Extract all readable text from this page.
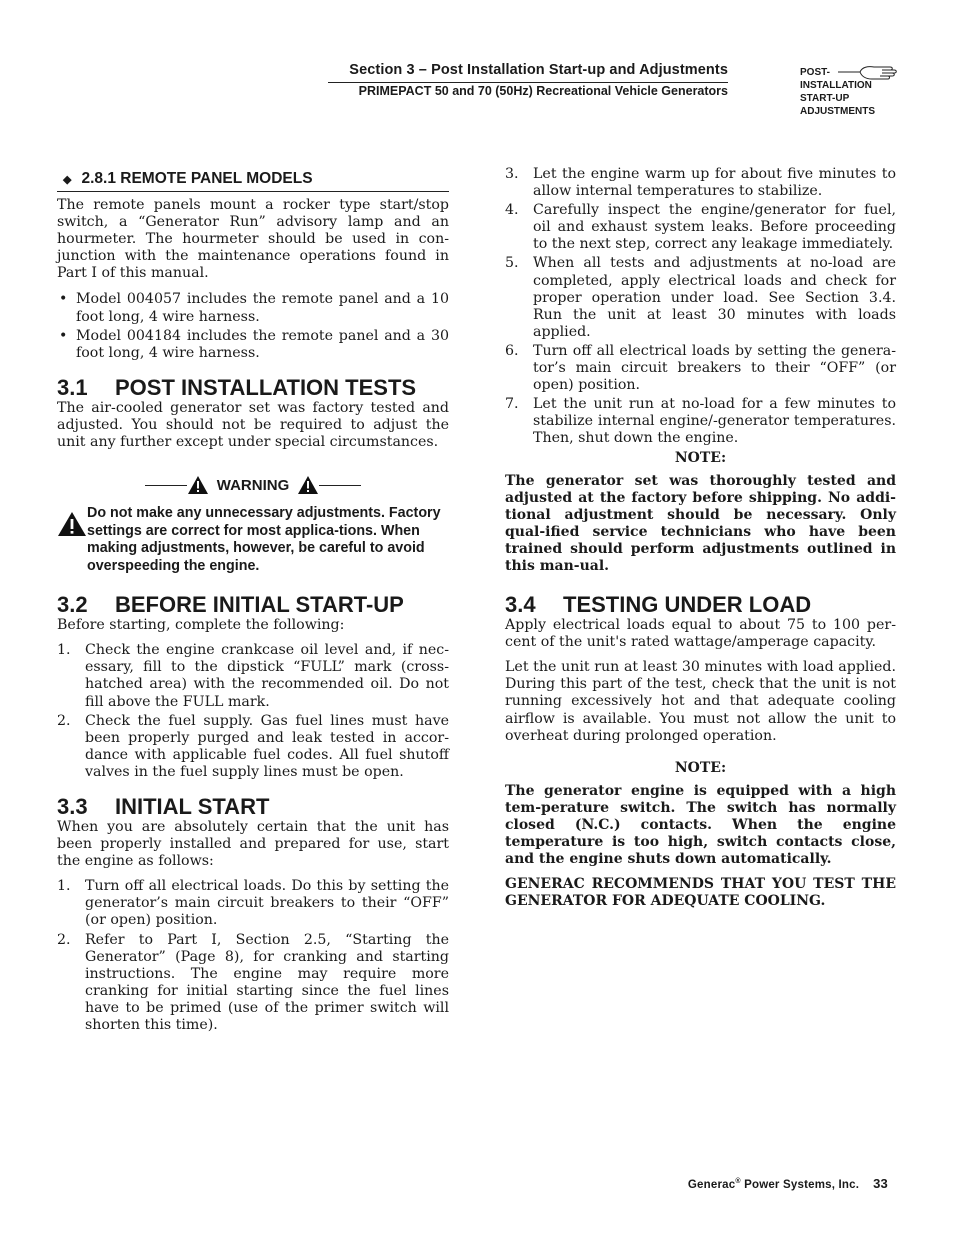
Section 3 – Post Installation Start-up and Adjustments
PRIMEPACT 50 and 70 (50Hz) Recreational Vehicle Generators
POST-
INSTALLATION
START-UP
ADJUSTMENTS
◆ 2.8.1 REMOTE PANEL MODELS

The remote panels mount a rocker type start/stop switch, a “Generator Run” advisory lamp and an hourmeter. The hourmeter should be used in con-junction with the maintenance operations found in Part I of this manual.

• Model 004057 includes the remote panel and a 10 foot long, 4 wire harness.
• Model 004184 includes the remote panel and a 30 foot long, 4 wire harness.
3.1	POST INSTALLATION TESTS

The air-cooled generator set was factory tested and adjusted. You should not be required to adjust the unit any further except under special circumstances.

WARNING
Do not make any unnecessary adjustments. Factory settings are correct for most applica-tions. When making adjustments, however, be careful to avoid overspeeding the engine.
3.2	BEFORE INITIAL START-UP

Before starting, complete the following:

1. Check the engine crankcase oil level and, if nec-essary, fill to the dipstick “FULL” mark (cross-hatched area) with the recommended oil. Do not fill above the FULL mark.
2. Check the fuel supply. Gas fuel lines must have been properly purged and leak tested in accor-dance with applicable fuel codes. All fuel shutoff valves in the fuel supply lines must be open.
3.3	INITIAL START

When you are absolutely certain that the unit has been properly installed and prepared for use, start the engine as follows:

1. Turn off all electrical loads. Do this by setting the generator’s main circuit breakers to their “OFF” (or open) position.
2. Refer to Part I, Section 2.5, “Starting the Generator” (Page 8), for cranking and starting instructions. The engine may require more cranking for initial starting since the fuel lines have to be primed (use of the primer switch will shorten this time).
3. Let the engine warm up for about five minutes to allow internal temperatures to stabilize.
4. Carefully inspect the engine/generator for fuel, oil and exhaust system leaks. Before proceeding to the next step, correct any leakage immediately.
5. When all tests and adjustments at no-load are completed, apply electrical loads and check for proper operation under load. See Section 3.4. Run the unit at least 30 minutes with loads applied.
6. Turn off all electrical loads by setting the genera-tor’s main circuit breakers to their “OFF” (or open) position.
7. Let the unit run at no-load for a few minutes to stabilize internal engine/-generator temperatures. Then, shut down the engine.
NOTE:
The generator set was thoroughly tested and adjusted at the factory before shipping. No addi-tional adjustment should be necessary. Only qual-ified service technicians who have been trained should perform adjustments outlined in this man-ual.
3.4	TESTING UNDER LOAD

Apply electrical loads equal to about 75 to 100 per-cent of the unit's rated wattage/amperage capacity.

Let the unit run at least 30 minutes with load applied. During this part of the test, check that the unit is not running excessively hot and that adequate cooling airflow is available. You must not allow the unit to overheat during prolonged operation.

NOTE:
The generator engine is equipped with a high tem-perature switch. The switch has normally closed (N.C.) contacts. When the engine temperature is too high, switch contacts close, and the engine shuts down automatically.
GENERAC RECOMMENDS THAT YOU TEST THE GENERATOR FOR ADEQUATE COOLING.
Generac® Power Systems, Inc. 33
